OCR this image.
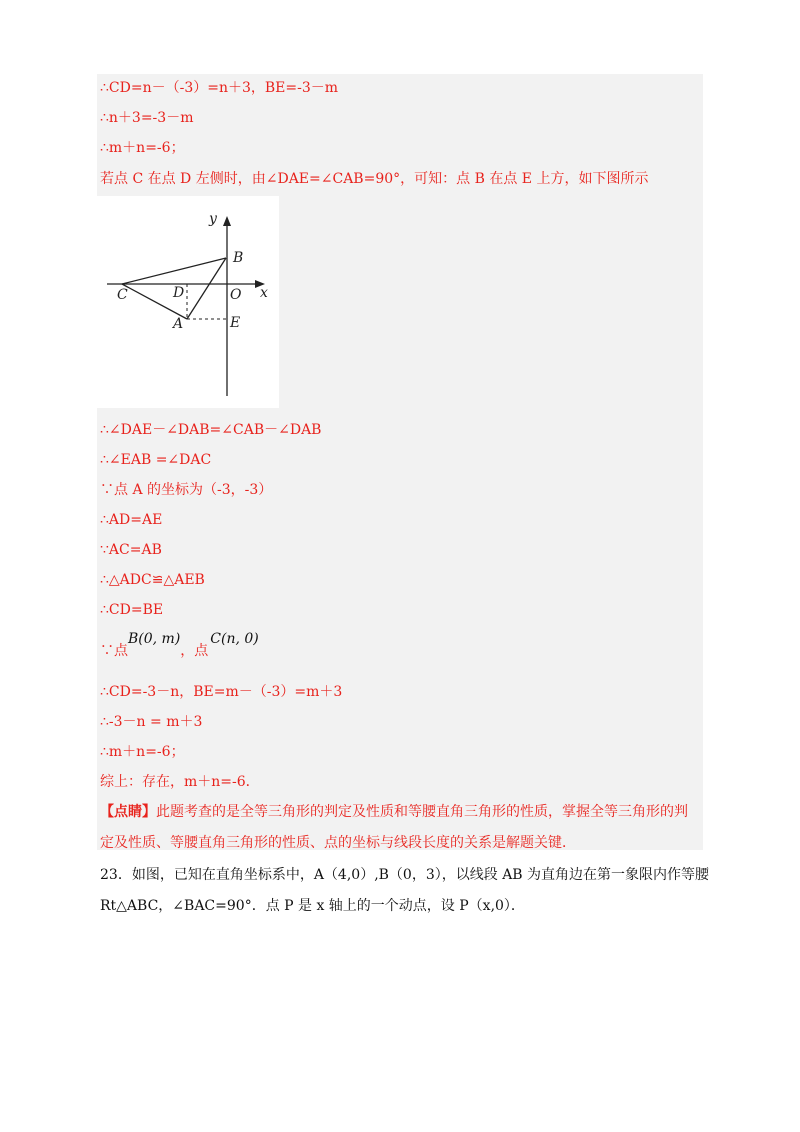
∴CD=n－（-3）=n＋3，BE=-3－m
∴n＋3=-3－m
∴m＋n=-6；
若点 C 在点 D 左侧时，由∠DAE=∠CAB=90°，可知：点 B 在点 E 上方，如下图所示
y
x
B
C	D	O
A	E
∴∠DAE－∠DAB=∠CAB－∠DAB
∴∠EAB =∠DAC
∵点 A 的坐标为（-3，-3）
∴AD=AE
∵AC=AB
∴△ADC≌△AEB
∴CD=BE
∵点B(0, m)，点C(n, 0)
∴CD=-3－n，BE=m－（-3）=m＋3
∴-3－n = m＋3
∴m＋n=-6；
综上：存在，m＋n=-6．
【点睛】此题考查的是全等三角形的判定及性质和等腰直角三角形的性质，掌握全等三角形的判
定及性质、等腰直角三角形的性质、点的坐标与线段长度的关系是解题关键．
23．如图，已知在直角坐标系中，A（4,0）,B（0，3），以线段 AB 为直角边在第一象限内作等腰
Rt△ABC，∠BAC=90°．点 P 是 x 轴上的一个动点，设 P（x,0）．
